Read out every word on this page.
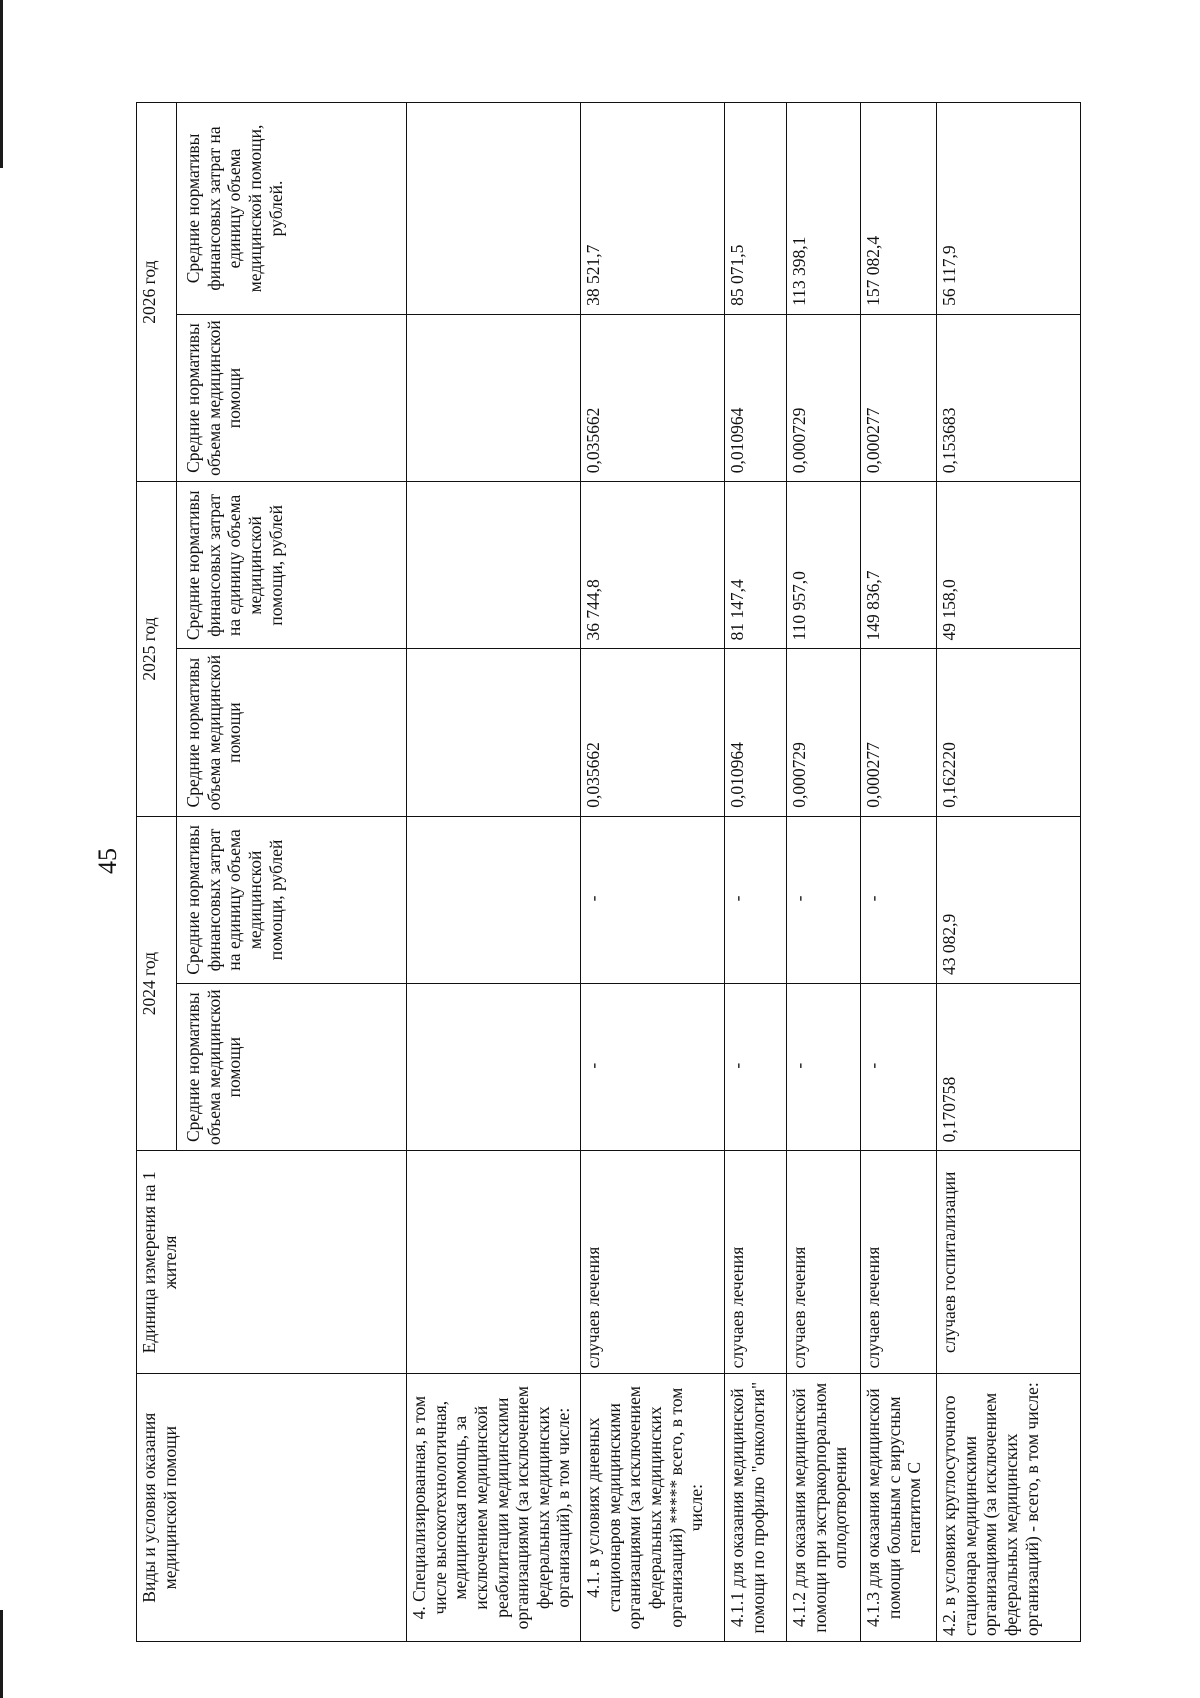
45
Виды и условия оказания медицинской помощи	Единица измерения на 1 жителя	2024 год		2025 год		2026 год	
		Средние нормативы объема медицинской помощи	Средние нормативы финансовых затрат на единицу объема медицинской помощи, рублей	Средние нормативы объема медицинской помощи	Средние нормативы финансовых затрат на единицу объема медицинской помощи, рублей	Средние нормативы объема медицинской помощи	Средние нормативы финансовых затрат на единицу объема медицинской помощи, рублей.
4. Специализированная, в том числе высокотехнологичная, медицинская помощь, за исключением медицинской реабилитации медицинскими организациями (за исключением федеральных медицинских организаций), в том числе:							
4.1. в условиях дневных стационаров медицинскими организациями (за исключением федеральных медицинских организаций) ***** всего, в том числе:	случаев лечения	-	-	0,035662	36 744,8	0,035662	38 521,7
4.1.1 для оказания медицинской помощи по профилю "онкология"	случаев лечения	-	-	0,010964	81 147,4	0,010964	85 071,5
4.1.2 для оказания медицинской помощи при экстракорпоральном оплодотворении	случаев лечения	-	-	0,000729	110 957,0	0,000729	113 398,1
4.1.3 для оказания медицинской помощи больным с вирусным гепатитом С	случаев лечения	-	-	0,000277	149 836,7	0,000277	157 082,4
4.2. в условиях круглосуточного стационара медицинскими организациями (за исключением федеральных медицинских организаций) - всего, в том числе:	случаев госпитализации	0,170758	43 082,9	0,162220	49 158,0	0,153683	56 117,9
